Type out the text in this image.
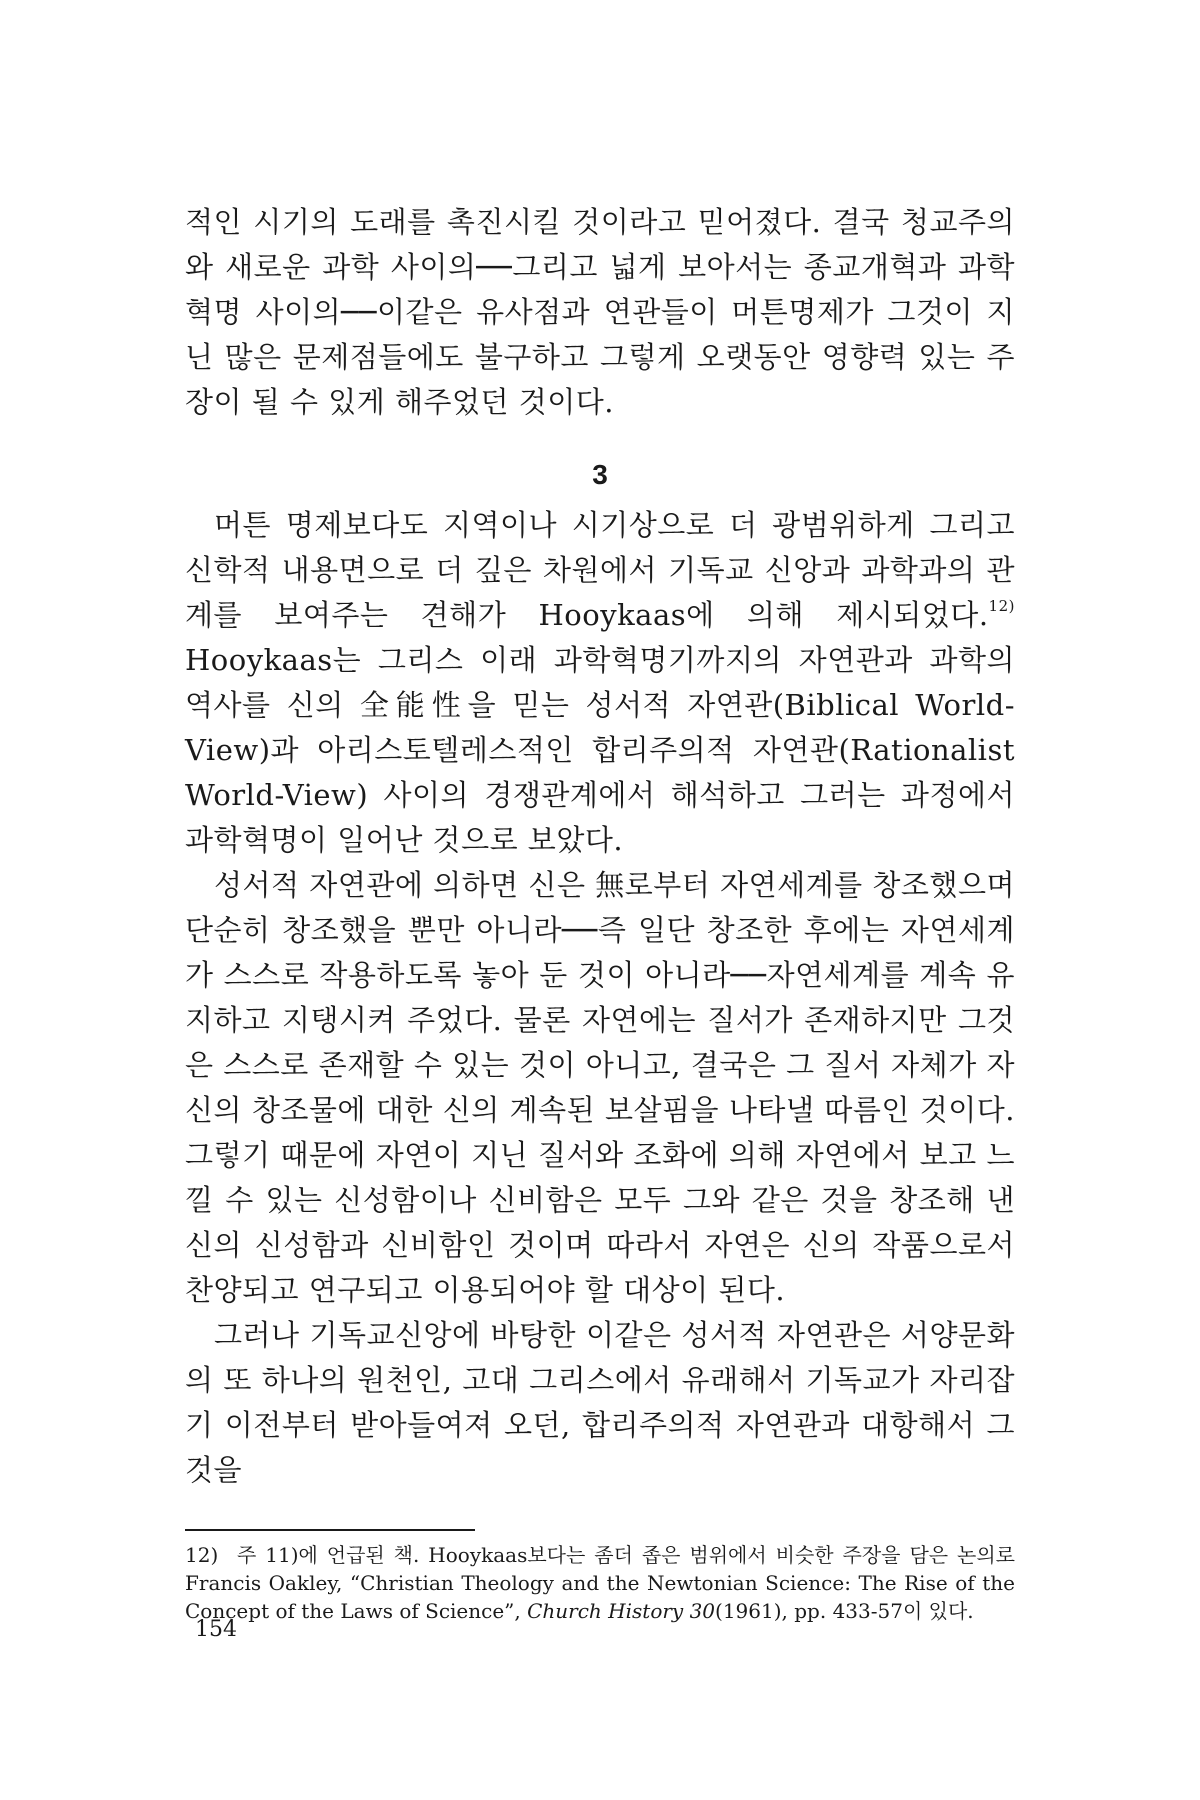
적인 시기의 도래를 촉진시킬 것이라고 믿어졌다. 결국 청교주의와 새로운 과학 사이의──그리고 넓게 보아서는 종교개혁과 과학혁명 사이의──이같은 유사점과 연관들이 머튼명제가 그것이 지닌 많은 문제점들에도 불구하고 그렇게 오랫동안 영향력 있는 주장이 될 수 있게 해주었던 것이다.

3

머튼 명제보다도 지역이나 시기상으로 더 광범위하게 그리고 신학적 내용면으로 더 깊은 차원에서 기독교 신앙과 과학과의 관계를 보여주는 견해가 Hooykaas에 의해 제시되었다.$^{12)}$ Hooykaas는 그리스 이래 과학혁명기까지의 자연관과 과학의 역사를 신의 全能性을 믿는 성서적 자연관(Biblical World-View)과 아리스토텔레스적인 합리주의적 자연관(Rationalist World-View) 사이의 경쟁관계에서 해석하고 그러는 과정에서 과학혁명이 일어난 것으로 보았다.

성서적 자연관에 의하면 신은 無로부터 자연세계를 창조했으며 단순히 창조했을 뿐만 아니라──즉 일단 창조한 후에는 자연세계가 스스로 작용하도록 놓아 둔 것이 아니라──자연세계를 계속 유지하고 지탱시켜 주었다. 물론 자연에는 질서가 존재하지만 그것은 스스로 존재할 수 있는 것이 아니고, 결국은 그 질서 자체가 자신의 창조물에 대한 신의 계속된 보살핌을 나타낼 따름인 것이다. 그렇기 때문에 자연이 지닌 질서와 조화에 의해 자연에서 보고 느낄 수 있는 신성함이나 신비함은 모두 그와 같은 것을 창조해 낸 신의 신성함과 신비함인 것이며 따라서 자연은 신의 작품으로서 찬양되고 연구되고 이용되어야 할 대상이 된다.

그러나 기독교신앙에 바탕한 이같은 성서적 자연관은 서양문화의 또 하나의 원천인, 고대 그리스에서 유래해서 기독교가 자리잡기 이전부터 받아들여져 오던, 합리주의적 자연관과 대항해서 그것을

12) 주 11)에 언급된 책. Hooykaas보다는 좀더 좁은 범위에서 비슷한 주장을 담은 논의로 Francis Oakley, “Christian Theology and the Newtonian Science: The Rise of the Concept of the Laws of Science”, Church History 30(1961), pp. 433-57이 있다.

154
